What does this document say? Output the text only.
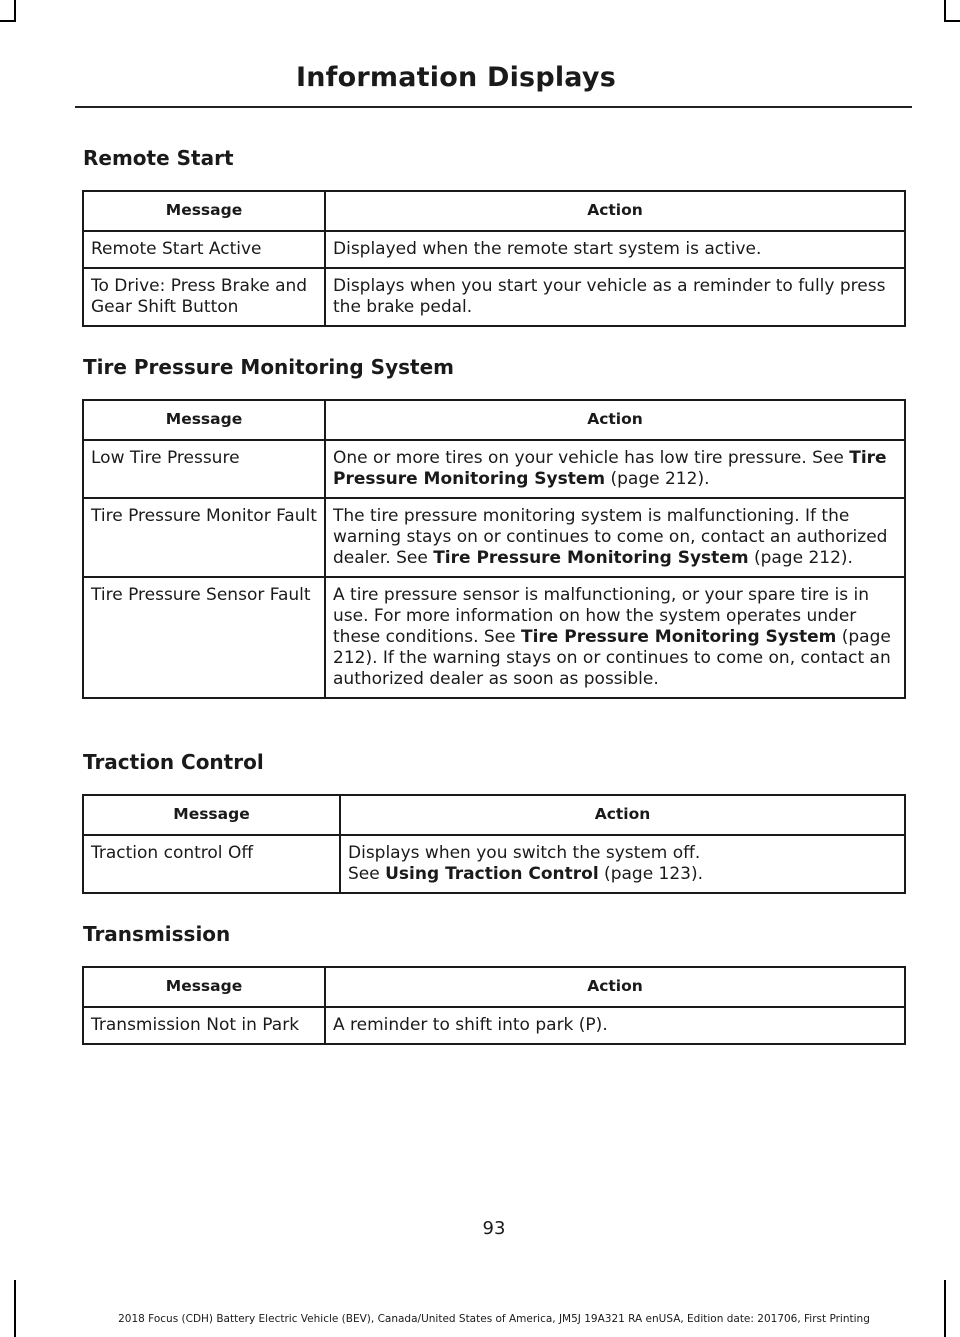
Information Displays
Remote Start
Message	Action
Remote Start Active	Displayed when the remote start system is active.
To Drive: Press Brake and Gear Shift Button	Displays when you start your vehicle as a reminder to fully press the brake pedal.
Tire Pressure Monitoring System
Message	Action
Low Tire Pressure	One or more tires on your vehicle has low tire pressure. See Tire Pressure Monitoring System (page 212).
Tire Pressure Monitor Fault	The tire pressure monitoring system is malfunctioning. If the warning stays on or continues to come on, contact an authorized dealer. See Tire Pressure Monitoring System (page 212).
Tire Pressure Sensor Fault	A tire pressure sensor is malfunctioning, or your spare tire is in use. For more information on how the system operates under these conditions. See Tire Pressure Monitoring System (page 212). If the warning stays on or continues to come on, contact an authorized dealer as soon as possible.
Traction Control
Message	Action
Traction control Off	Displays when you switch the system off.
See Using Traction Control (page 123).
Transmission
Message	Action
Transmission Not in Park	A reminder to shift into park (P).
93
2018 Focus (CDH) Battery Electric Vehicle (BEV), Canada/United States of America, JM5J 19A321 RA enUSA, Edition date: 201706, First Printing
